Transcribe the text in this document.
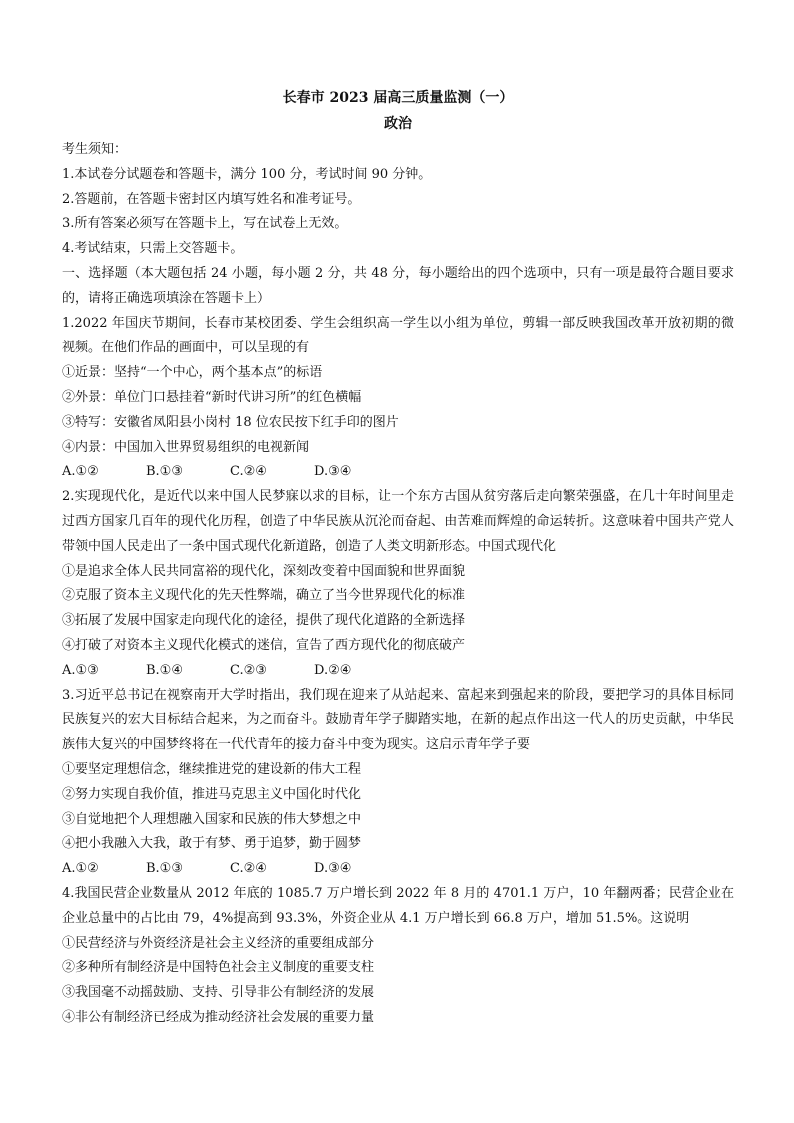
长春市 2023 届高三质量监测（一）

政治

考生须知：

1.本试卷分试题卷和答题卡，满分 100 分，考试时间 90 分钟。

2.答题前，在答题卡密封区内填写姓名和准考证号。

3.所有答案必须写在答题卡上，写在试卷上无效。

4.考试结束，只需上交答题卡。

一、选择题（本大题包括 24 小题，每小题 2 分，共 48 分，每小题给出的四个选项中，只有一项是最符合题目要求的，请将正确选项填涂在答题卡上）

1.2022 年国庆节期间，长春市某校团委、学生会组织高一学生以小组为单位，剪辑一部反映我国改革开放初期的微视频。在他们作品的画面中，可以呈现的有

①近景：坚持“一个中心，两个基本点”的标语

②外景：单位门口悬挂着“新时代讲习所”的红色横幅

③特写：安徽省凤阳县小岗村 18 位农民按下红手印的图片

④内景：中国加入世界贸易组织的电视新闻

A.①②	B.①③	C.②④	D.③④

2.实现现代化，是近代以来中国人民梦寐以求的目标，让一个东方古国从贫穷落后走向繁荣强盛，在几十年时间里走过西方国家几百年的现代化历程，创造了中华民族从沉沦而奋起、由苦难而辉煌的命运转折。这意味着中国共产党人带领中国人民走出了一条中国式现代化新道路，创造了人类文明新形态。中国式现代化

①是追求全体人民共同富裕的现代化，深刻改变着中国面貌和世界面貌

②克服了资本主义现代化的先天性弊端，确立了当今世界现代化的标准

③拓展了发展中国家走向现代化的途径，提供了现代化道路的全新选择

④打破了对资本主义现代化模式的迷信，宣告了西方现代化的彻底破产

A.①③	B.①④	C.②③	D.②④

3.习近平总书记在视察南开大学时指出，我们现在迎来了从站起来、富起来到强起来的阶段，要把学习的具体目标同民族复兴的宏大目标结合起来，为之而奋斗。鼓励青年学子脚踏实地，在新的起点作出这一代人的历史贡献，中华民族伟大复兴的中国梦终将在一代代青年的接力奋斗中变为现实。这启示青年学子要

①要坚定理想信念，继续推进党的建设新的伟大工程

②努力实现自我价值，推进马克思主义中国化时代化

③自觉地把个人理想融入国家和民族的伟大梦想之中

④把小我融入大我，敢于有梦、勇于追梦，勤于圆梦

A.①②	B.①③	C.②④	D.③④

4.我国民营企业数量从 2012 年底的 1085.7 万户增长到 2022 年 8 月的 4701.1 万户，10 年翻两番；民营企业在企业总量中的占比由 79，4%提高到 93.3%，外资企业从 4.1 万户增长到 66.8 万户，增加 51.5%。这说明

①民营经济与外资经济是社会主义经济的重要组成部分

②多种所有制经济是中国特色社会主义制度的重要支柱

③我国毫不动摇鼓励、支持、引导非公有制经济的发展

④非公有制经济已经成为推动经济社会发展的重要力量
